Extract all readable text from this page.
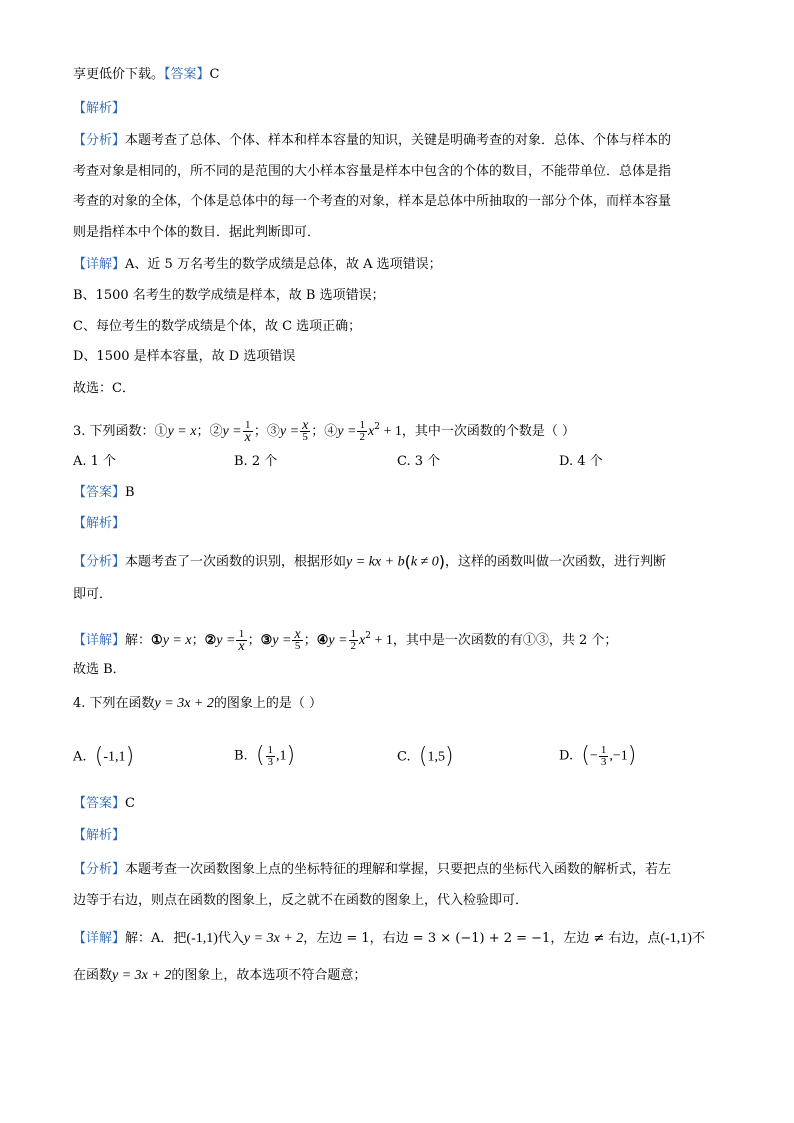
享更低价下载。【答案】C
【解析】
【分析】本题考查了总体、个体、样本和样本容量的知识，关键是明确考查的对象．总体、个体与样本的
考查对象是相同的，所不同的是范围的大小样本容量是样本中包含的个体的数目，不能带单位．总体是指
考查的对象的全体，个体是总体中的每一个考查的对象，样本是总体中所抽取的一部分个体，而样本容量
则是指样本中个体的数目．据此判断即可．
【详解】A、近 5 万名考生的数学成绩是总体，故 A 选项错误；
B、1500 名考生的数学成绩是样本，故 B 选项错误；
C、每位考生的数学成绩是个体，故 C 选项正确；
D、1500 是样本容量，故 D 选项错误
故选：C．
3. 下列函数：①y = x；②y = $\frac{1}{x}$ ；③y = $\frac{x}{5}$ ；④y = $\frac{1}{2} x^2 + 1$，其中一次函数的个数是（ ）
A. 1 个	B. 2 个	C. 3 个	D. 4 个
【答案】B
【解析】
【分析】本题考查了一次函数的识别，根据形如y = kx + b(k ≠ 0)，这样的函数叫做一次函数，进行判断
即可．
【详解】解：①y = x；②y = $\frac{1}{x}$ ；③y = $\frac{x}{5}$ ；④y = $\frac{1}{2} x^2 + 1$，其中是一次函数的有①③，共 2 个；
故选 B．
4. 下列在函数y = 3x + 2的图象上的是（ ）
A. (-1,1)	B. ( $\frac{1}{3} ,1$)	C. (1,5)	D. (− $\frac{1}{3} ,-1$)
【答案】C
【解析】
【分析】本题考查一次函数图象上点的坐标特征的理解和掌握，只要把点的坐标代入函数的解析式，若左
边等于右边，则点在函数的图象上，反之就不在函数的图象上，代入检验即可．
【详解】解：A．把(-1,1)代入y = 3x + 2，左边 = 1，右边 = 3 × (−1) + 2 = −1，左边 ≠ 右边，点(-1,1)不
在函数y = 3x + 2的图象上，故本选项不符合题意；
